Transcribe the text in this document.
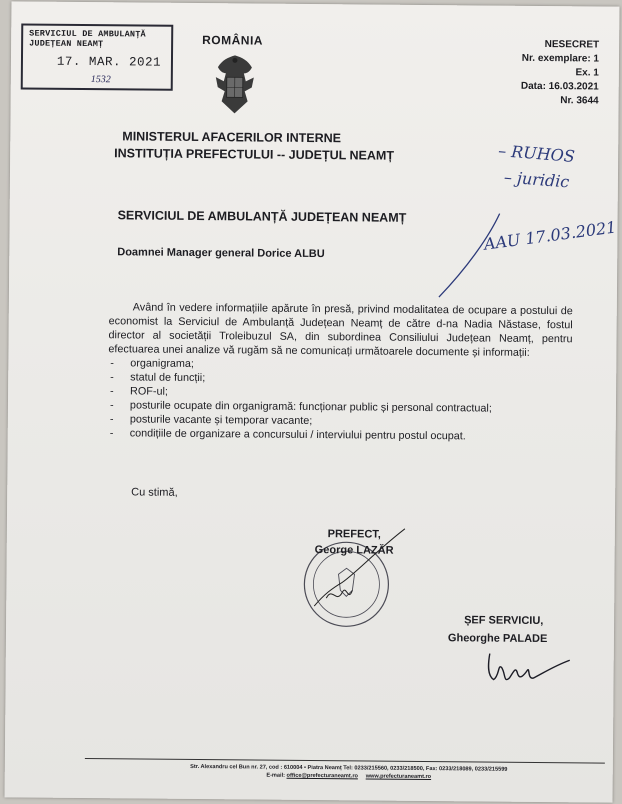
SERVICIUL DE AMBULANȚĂ
JUDEȚEAN NEAMȚ
17. MAR. 2021
1532
ROMÂNIA	NESECRET
Nr. exemplare: 1
Ex. 1
Data: 16.03.2021
Nr. 3644
MINISTERUL AFACERILOR INTERNE
INSTITUȚIA PREFECTULUI -- JUDEȚUL NEAMȚ	– RUHOS
– juridic
AAU 17.03.2021
SERVICIUL DE AMBULANȚĂ JUDEȚEAN NEAMȚ
Doamnei Manager general Dorice ALBU

Având în vedere informațiile apărute în presă, privind modalitatea de ocupare a postului de economist la Serviciul de Ambulanță Județean Neamț de către d-na Nadia Năstase, fostul director al societății Troleibuzul SA, din subordinea Consiliului Județean Neamț, pentru efectuarea unei analize vă rugăm să ne comunicați următoarele documente și informații:

- organigrama;
- statul de funcții;
- ROF-ul;
- posturile ocupate din organigramă: funcționar public și personal contractual;
- posturile vacante și temporar vacante;
- condițiile de organizare a concursului / interviului pentru postul ocupat.
Cu stimă,
PREFECT,
George LAZĂR
ȘEF SERVICIU,
Gheorghe PALADE
Str. Alexandru cel Bun nr. 27, cod : 610004 • Piatra Neamț Tel: 0233/215560, 0233/218500, Fax: 0233/218089, 0233/215599
E-mail: office@prefecturaneamt.ro www.prefecturaneamt.ro
